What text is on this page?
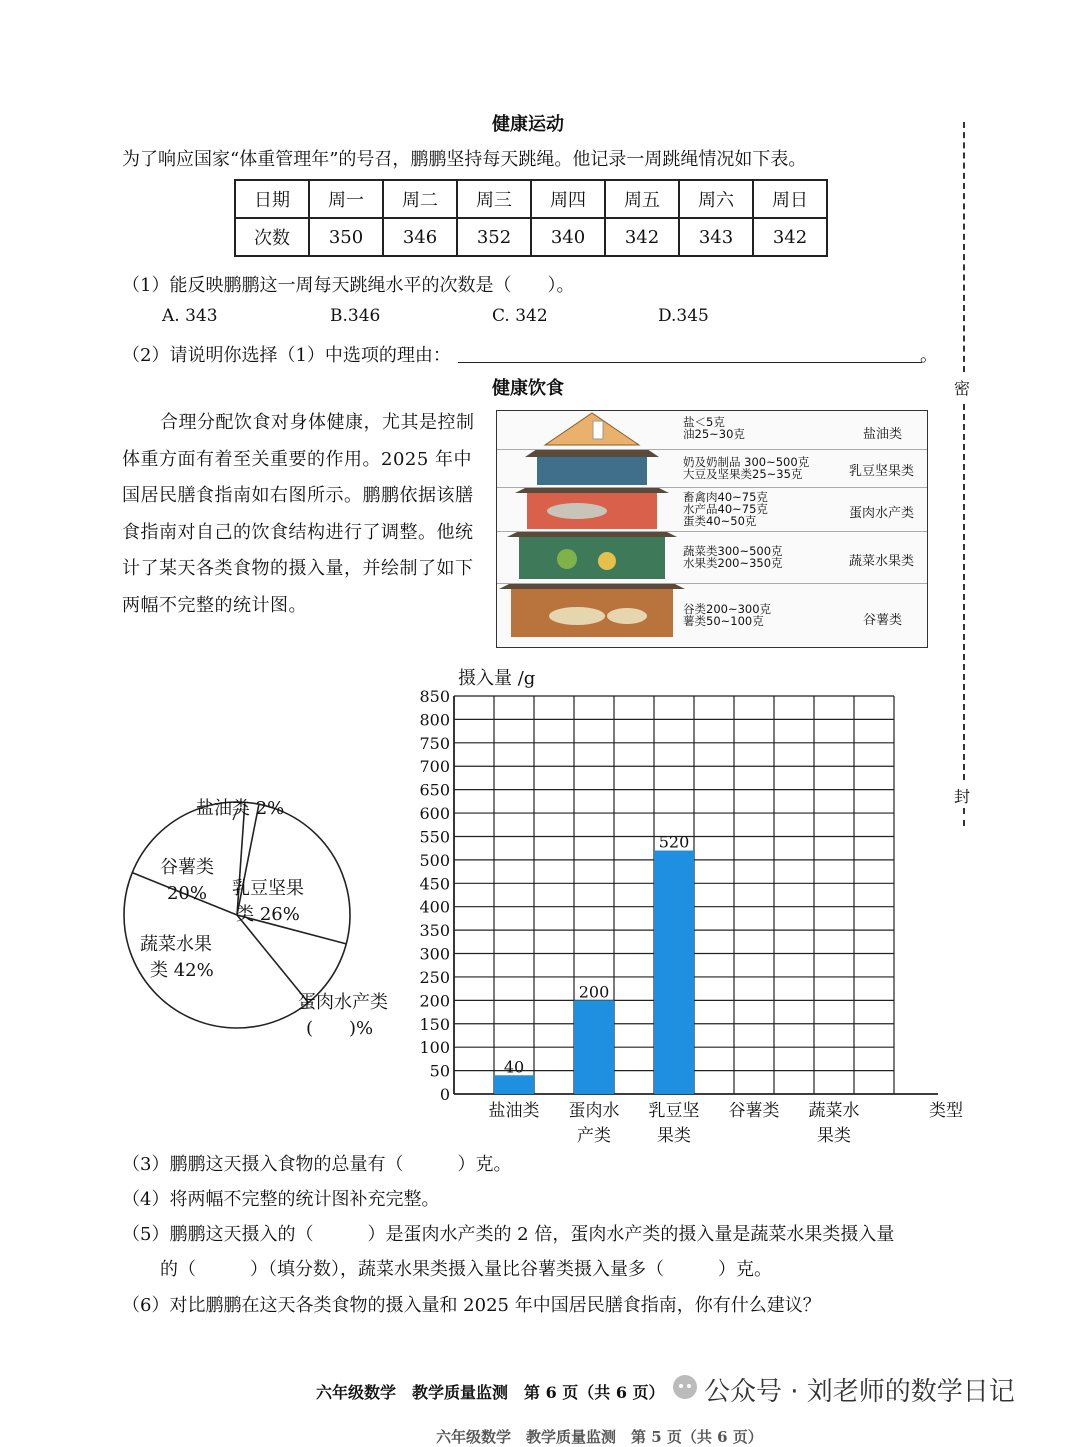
健康运动
为了响应国家“体重管理年”的号召，鹏鹏坚持每天跳绳。他记录一周跳绳情况如下表。
日期	周一	周二	周三	周四	周五	周六	周日
次数	350	346	352	340	342	343	342
（1）能反映鹏鹏这一周每天跳绳水平的次数是（　　）。
A. 343	B.346	C. 342	D.345
（2）请说明你选择（1）中选项的理由：	。
健康饮食
合理分配饮食对身体健康，尤其是控制体重方面有着至关重要的作用。2025 年中国居民膳食指南如右图所示。鹏鹏依据该膳食指南对自己的饮食结构进行了调整。他统计了某天各类食物的摄入量，并绘制了如下两幅不完整的统计图。
盐＜5克
油25~30克	盐油类
奶及奶制品 300~500克
大豆及坚果类25~35克	乳豆坚果类
畜禽肉40~75克
水产品40~75克
蛋类40~50克	蛋肉水产类
蔬菜类300~500克
水果类200~350克	蔬菜水果类
谷类200~300克
薯类50~100克	谷薯类
盐油类 2%
谷薯类
20%	乳豆坚果
类 26%
蔬菜水果
类 42%
蛋肉水产类
(　　)%
摄入量 /g
0
50
100
150
200
250
300
350
400
450
500
550
600
650
700
750
800
850
40
盐油类
200
蛋肉水
产类
520
乳豆坚
果类
谷薯类 蔬菜水
果类
类型
（3）鹏鹏这天摄入食物的总量有（　　　）克。
（4）将两幅不完整的统计图补充完整。
（5）鹏鹏这天摄入的（　　　）是蛋肉水产类的 2 倍，蛋肉水产类的摄入量是蔬菜水果类摄入量
的（　　　）（填分数），蔬菜水果类摄入量比谷薯类摄入量多（　　　）克。
（6）对比鹏鹏在这天各类食物的摄入量和 2025 年中国居民膳食指南，你有什么建议？
密
封
六年级数学　教学质量监测　第 6 页（共 6 页） 公众号 · 刘老师的数学日记
六年级数学　教学质量监测　第 5 页（共 6 页）
